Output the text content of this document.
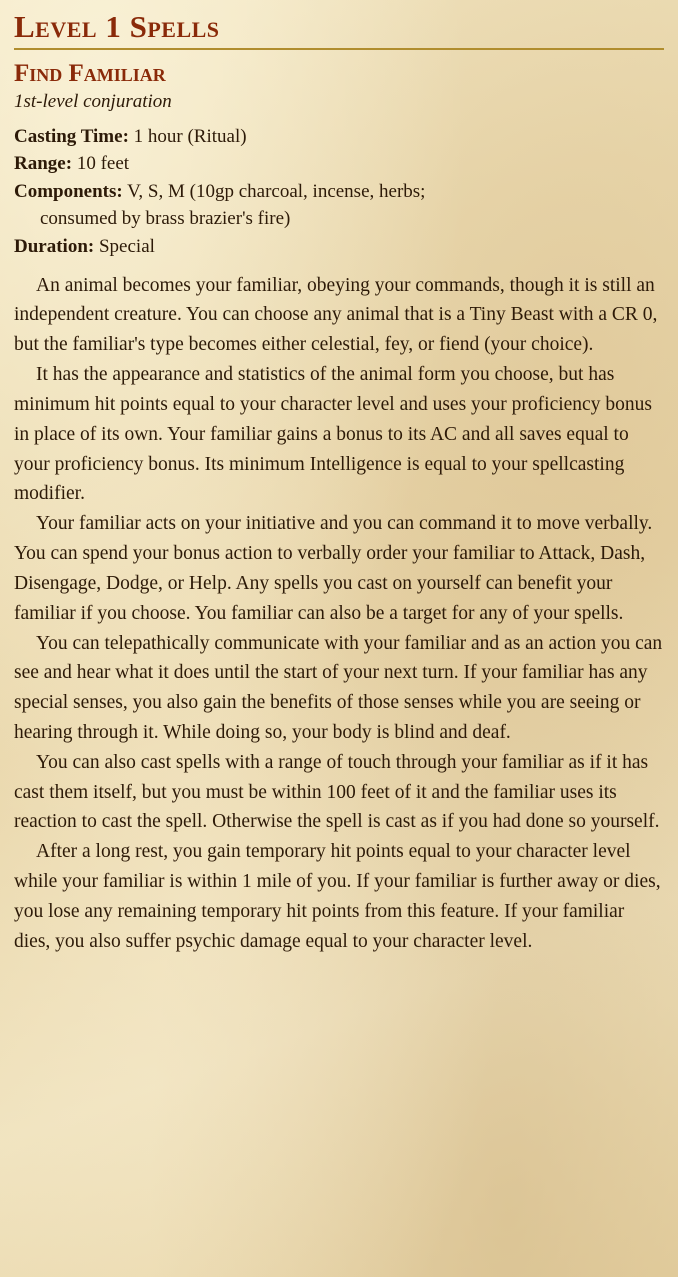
Level 1 Spells
Find Familiar
1st-level conjuration

Casting Time: 1 hour (Ritual)

Range: 10 feet

Components: V, S, M (10gp charcoal, incense, herbs;
consumed by brass brazier's fire)

Duration: Special

An animal becomes your familiar, obeying your commands, though it is still an independent creature. You can choose any animal that is a Tiny Beast with a CR 0, but the familiar's type becomes either celestial, fey, or fiend (your choice).

It has the appearance and statistics of the animal form you choose, but has minimum hit points equal to your character level and uses your proficiency bonus in place of its own. Your familiar gains a bonus to its AC and all saves equal to your proficiency bonus. Its minimum Intelligence is equal to your spellcasting modifier.

Your familiar acts on your initiative and you can command it to move verbally. You can spend your bonus action to verbally order your familiar to Attack, Dash, Disengage, Dodge, or Help. Any spells you cast on yourself can benefit your familiar if you choose. You familiar can also be a target for any of your spells.

You can telepathically communicate with your familiar and as an action you can see and hear what it does until the start of your next turn. If your familiar has any special senses, you also gain the benefits of those senses while you are seeing or hearing through it. While doing so, your body is blind and deaf.

You can also cast spells with a range of touch through your familiar as if it has cast them itself, but you must be within 100 feet of it and the familiar uses its reaction to cast the spell. Otherwise the spell is cast as if you had done so yourself.

After a long rest, you gain temporary hit points equal to your character level while your familiar is within 1 mile of you. If your familiar is further away or dies, you lose any remaining temporary hit points from this feature. If your familiar dies, you also suffer psychic damage equal to your character level.
